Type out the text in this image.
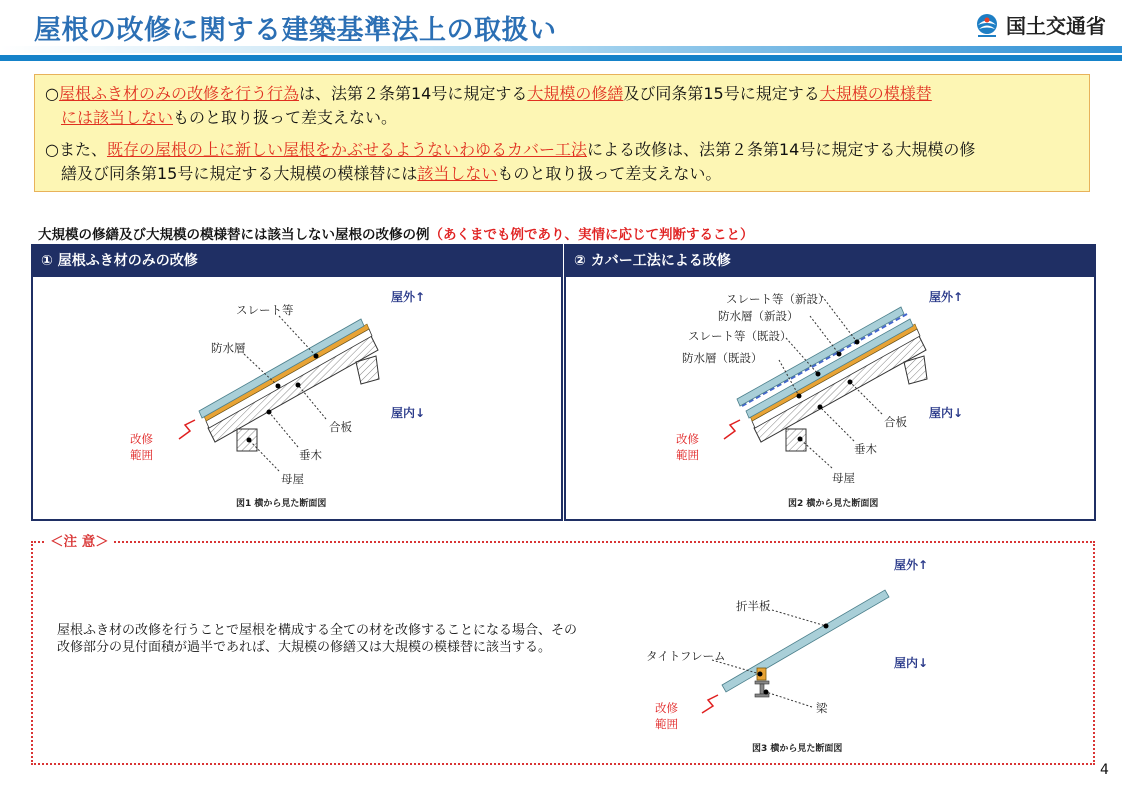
屋根の改修に関する建築基準法上の取扱い	国土交通省
○屋根ふき材のみの改修を行う行為は、法第２条第14号に規定する大規模の修繕及び同条第15号に規定する大規模の模様替
には該当しないものと取り扱って差支えない。
○また、既存の屋根の上に新しい屋根をかぶせるようないわゆるカバー工法による改修は、法第２条第14号に規定する大規模の修
繕及び同条第15号に規定する大規模の模様替には該当しないものと取り扱って差支えない。
大規模の修繕及び大規模の模様替には該当しない屋根の改修の例（あくまでも例であり、実情に応じて判断すること）
① 屋根ふき材のみの改修
スレート等
防水層
合板
垂木
母屋
屋外↑
屋内↓
改修
範囲
図1 横から見た断面図
② カバー工法による改修
スレート等（新設）
防水層（新設）
スレート等（既設）
防水層（既設）
合板
垂木
母屋
屋外↑
屋内↓
改修
範囲
図2 横から見た断面図
＜注 意＞
屋根ふき材の改修を行うことで屋根を構成する全ての材を改修することになる場合、その改修部分の見付面積が過半であれば、大規模の修繕又は大規模の模様替に該当する。
折半板
タイトフレーム
梁
屋外↑
屋内↓
改修
範囲
図3 横から見た断面図
4
